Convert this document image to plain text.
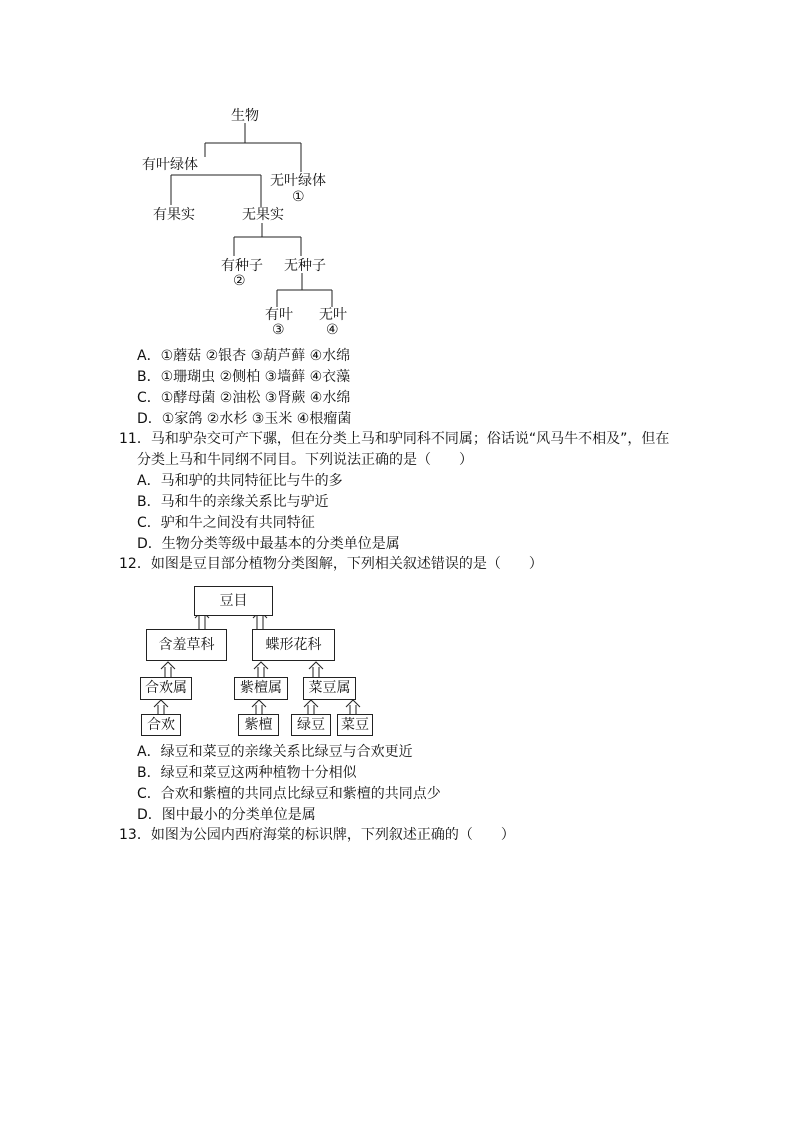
生物
有叶绿体
无叶绿体
①
有果实	无果实
有种子
②
无种子
有叶
③
无叶
④
A．①蘑菇 ②银杏 ③葫芦藓 ④水绵
B．①珊瑚虫 ②侧柏 ③墙藓 ④衣藻
C．①酵母菌 ②油松 ③肾蕨 ④水绵
D．①家鸽 ②水杉 ③玉米 ④根瘤菌
11．马和驴杂交可产下骡，但在分类上马和驴同科不同属；俗话说“风马牛不相及”，但在
分类上马和牛同纲不同目。下列说法正确的是（　　）
A．马和驴的共同特征比与牛的多
B．马和牛的亲缘关系比与驴近
C．驴和牛之间没有共同特征
D．生物分类等级中最基本的分类单位是属
12．如图是豆目部分植物分类图解，下列相关叙述错误的是（　　）
豆目
含羞草科	蝶形花科
合欢属	紫檀属	菜豆属
合欢	紫檀	绿豆	菜豆
A．绿豆和菜豆的亲缘关系比绿豆与合欢更近
B．绿豆和菜豆这两种植物十分相似
C．合欢和紫檀的共同点比绿豆和紫檀的共同点少
D．图中最小的分类单位是属
13．如图为公园内西府海棠的标识牌，下列叙述正确的（　　）
